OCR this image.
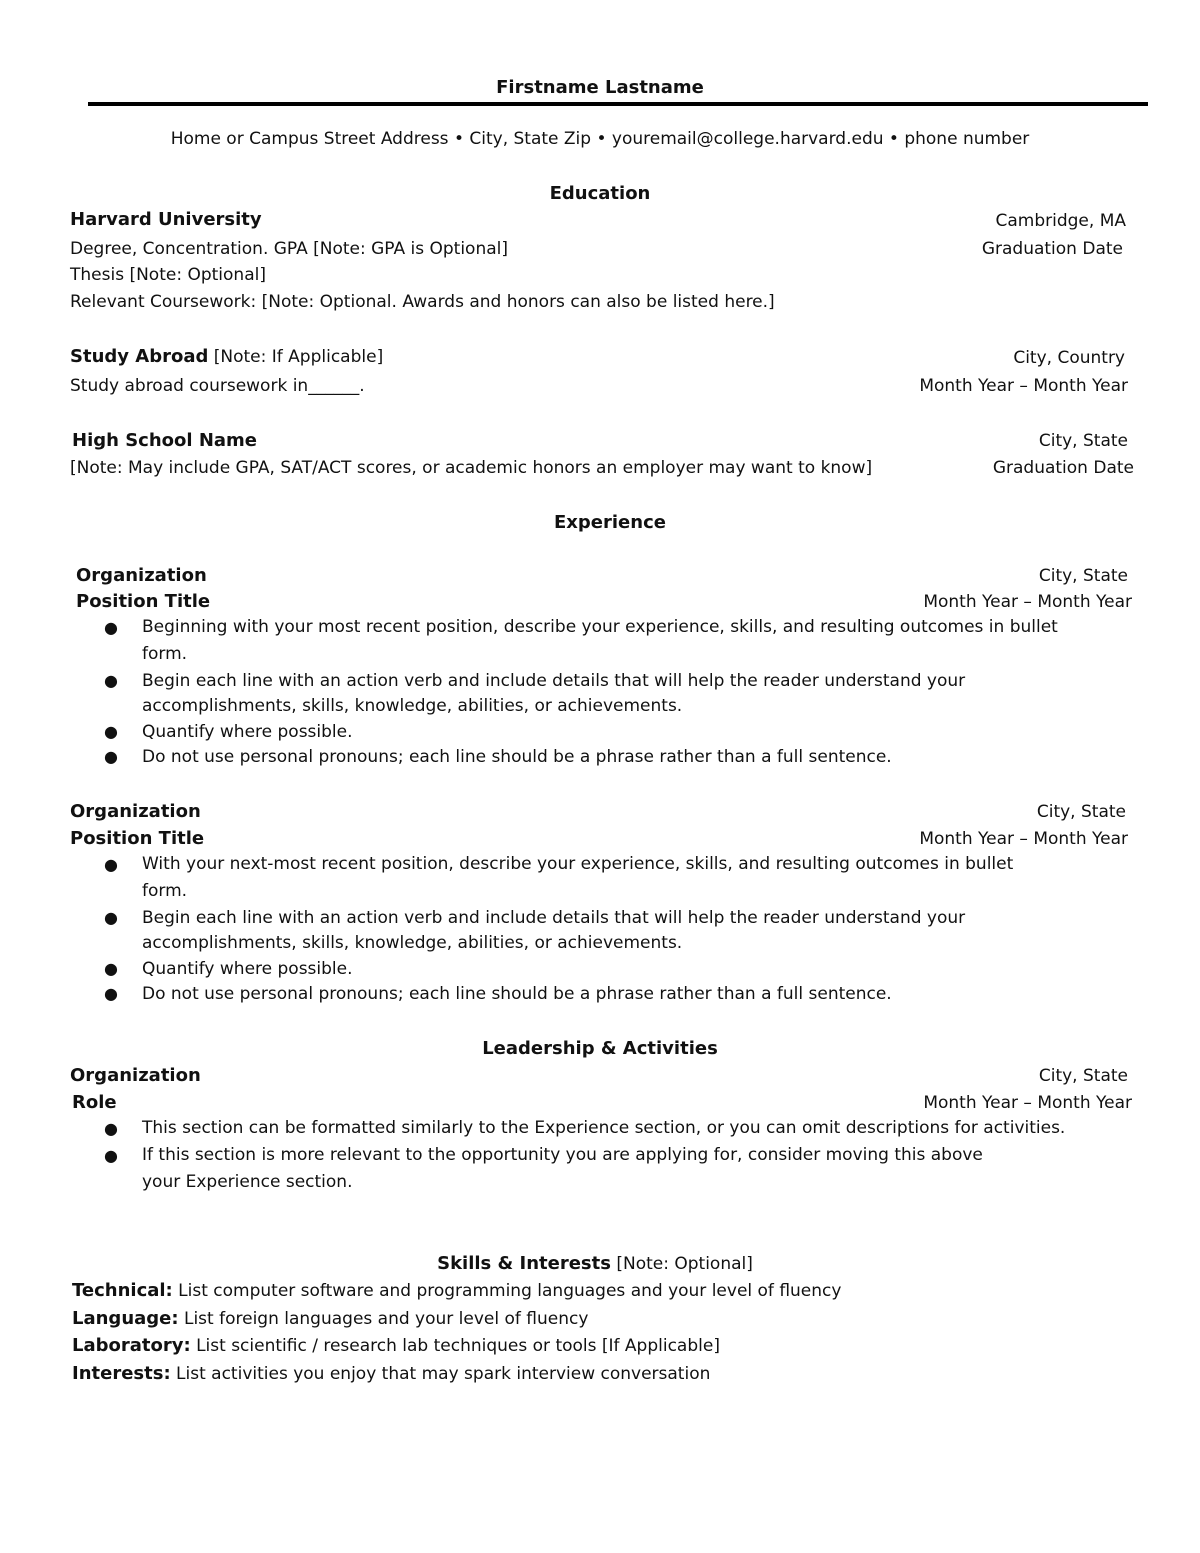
Firstname Lastname
Home or Campus Street Address • City, State Zip • youremail@college.harvard.edu • phone number
Education
Harvard University	Cambridge, MA
Degree, Concentration. GPA [Note: GPA is Optional]	Graduation Date
Thesis [Note: Optional]
Relevant Coursework: [Note: Optional. Awards and honors can also be listed here.]
Study Abroad [Note: If Applicable]	City, Country
Study abroad coursework in______.	Month Year – Month Year
High School Name	City, State
[Note: May include GPA, SAT/ACT scores, or academic honors an employer may want to know]	Graduation Date
Experience
Organization	City, State
Position Title	Month Year – Month Year
● Beginning with your most recent position, describe your experience, skills, and resulting outcomes in bullet
form.
● Begin each line with an action verb and include details that will help the reader understand your
accomplishments, skills, knowledge, abilities, or achievements.
● Quantify where possible.
● Do not use personal pronouns; each line should be a phrase rather than a full sentence.
Organization	City, State
Position Title	Month Year – Month Year
● With your next-most recent position, describe your experience, skills, and resulting outcomes in bullet
form.
● Begin each line with an action verb and include details that will help the reader understand your
accomplishments, skills, knowledge, abilities, or achievements.
● Quantify where possible.
● Do not use personal pronouns; each line should be a phrase rather than a full sentence.
Leadership & Activities
Organization	City, State
Role	Month Year – Month Year
● This section can be formatted similarly to the Experience section, or you can omit descriptions for activities.
● If this section is more relevant to the opportunity you are applying for, consider moving this above
your Experience section.
Skills & Interests [Note: Optional]
Technical: List computer software and programming languages and your level of fluency
Language: List foreign languages and your level of fluency
Laboratory: List scientific / research lab techniques or tools [If Applicable]
Interests: List activities you enjoy that may spark interview conversation
